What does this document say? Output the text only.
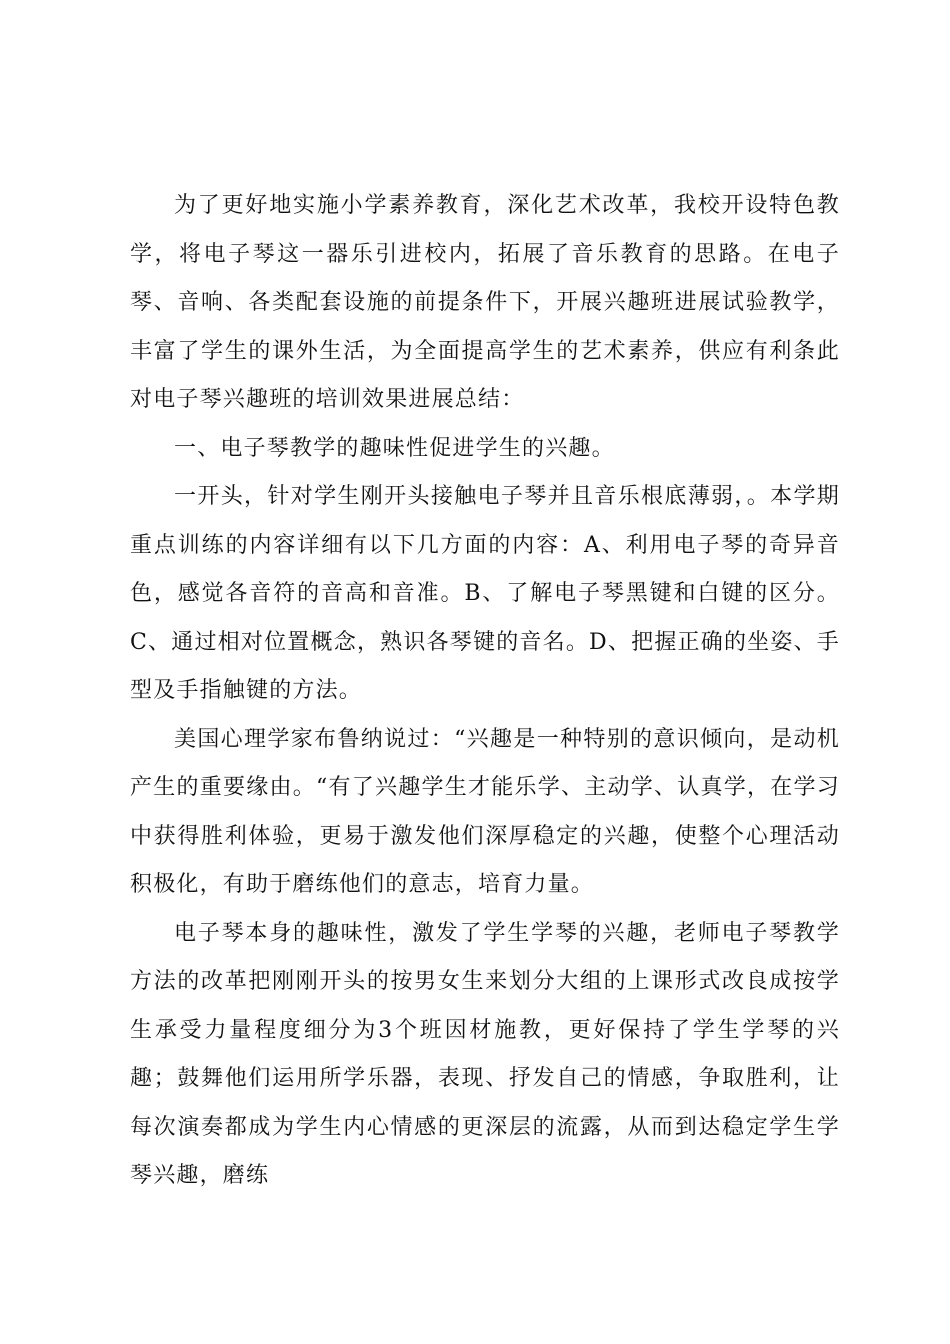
为了更好地实施小学素养教育，深化艺术改革，我校开设特色教学，将电子琴这一器乐引进校内，拓展了音乐教育的思路。在电子琴、音响、各类配套设施的前提条件下，开展兴趣班进展试验教学，丰富了学生的课外生活，为全面提高学生的艺术素养，供应有利条此对电子琴兴趣班的培训效果进展总结：

一、电子琴教学的趣味性促进学生的兴趣。

一开头，针对学生刚开头接触电子琴并且音乐根底薄弱，。本学期重点训练的内容详细有以下几方面的内容：A、利用电子琴的奇异音色，感觉各音符的音高和音准。B、了解电子琴黑键和白键的区分。C、通过相对位置概念，熟识各琴键的音名。D、把握正确的坐姿、手型及手指触键的方法。

美国心理学家布鲁纳说过：“兴趣是一种特别的意识倾向，是动机产生的重要缘由。“有了兴趣学生才能乐学、主动学、认真学，在学习中获得胜利体验，更易于激发他们深厚稳定的兴趣，使整个心理活动积极化，有助于磨练他们的意志，培育力量。

电子琴本身的趣味性，激发了学生学琴的兴趣，老师电子琴教学方法的改革把刚刚开头的按男女生来划分大组的上课形式改良成按学生承受力量程度细分为3个班因材施教，更好保持了学生学琴的兴趣；鼓舞他们运用所学乐器，表现、抒发自己的情感，争取胜利，让每次演奏都成为学生内心情感的更深层的流露，从而到达稳定学生学琴兴趣，磨练
